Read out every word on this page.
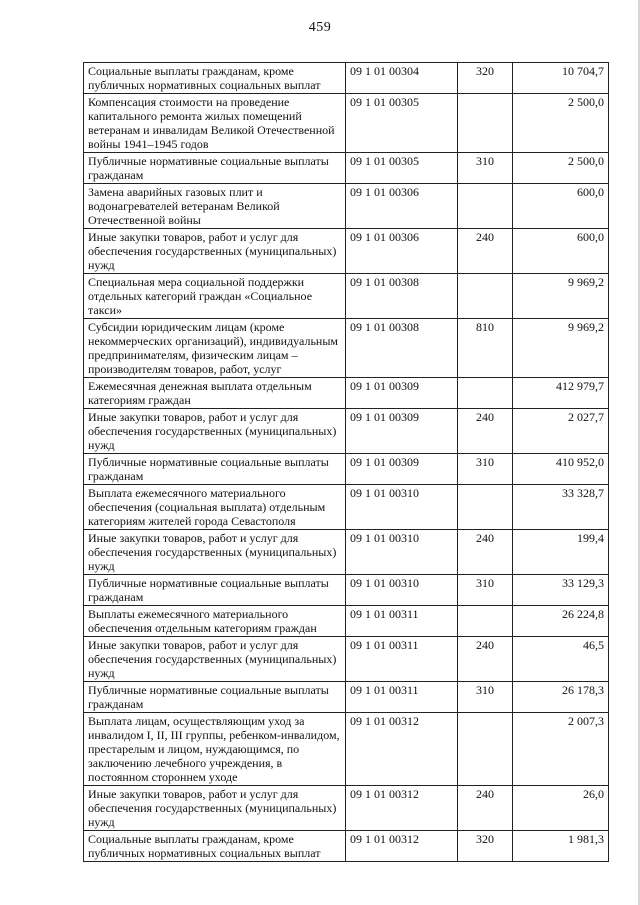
459
Социальные выплаты гражданам, кроме публичных нормативных социальных выплат	09 1 01 00304	320	10 704,7
Компенсация стоимости на проведение капитального ремонта жилых помещений ветеранам и инвалидам Великой Отечественной войны 1941–1945 годов	09 1 01 00305		2 500,0
Публичные нормативные социальные выплаты гражданам	09 1 01 00305	310	2 500,0
Замена аварийных газовых плит и водонагревателей ветеранам Великой Отечественной войны	09 1 01 00306		600,0
Иные закупки товаров, работ и услуг для обеспечения государственных (муниципальных) нужд	09 1 01 00306	240	600,0
Специальная мера социальной поддержки отдельных категорий граждан «Социальное такси»	09 1 01 00308		9 969,2
Субсидии юридическим лицам (кроме некоммерческих организаций), индивидуальным предпринимателям, физическим лицам – производителям товаров, работ, услуг	09 1 01 00308	810	9 969,2
Ежемесячная денежная выплата отдельным категориям граждан	09 1 01 00309		412 979,7
Иные закупки товаров, работ и услуг для обеспечения государственных (муниципальных) нужд	09 1 01 00309	240	2 027,7
Публичные нормативные социальные выплаты гражданам	09 1 01 00309	310	410 952,0
Выплата ежемесячного материального обеспечения (социальная выплата) отдельным категориям жителей города Севастополя	09 1 01 00310		33 328,7
Иные закупки товаров, работ и услуг для обеспечения государственных (муниципальных) нужд	09 1 01 00310	240	199,4
Публичные нормативные социальные выплаты гражданам	09 1 01 00310	310	33 129,3
Выплаты ежемесячного материального обеспечения отдельным категориям граждан	09 1 01 00311		26 224,8
Иные закупки товаров, работ и услуг для обеспечения государственных (муниципальных) нужд	09 1 01 00311	240	46,5
Публичные нормативные социальные выплаты гражданам	09 1 01 00311	310	26 178,3
Выплата лицам, осуществляющим уход за инвалидом I, II, III группы, ребенком-инвалидом, престарелым и лицом, нуждающимся, по заключению лечебного учреждения, в постоянном стороннем уходе	09 1 01 00312		2 007,3
Иные закупки товаров, работ и услуг для обеспечения государственных (муниципальных) нужд	09 1 01 00312	240	26,0
Социальные выплаты гражданам, кроме публичных нормативных социальных выплат	09 1 01 00312	320	1 981,3
